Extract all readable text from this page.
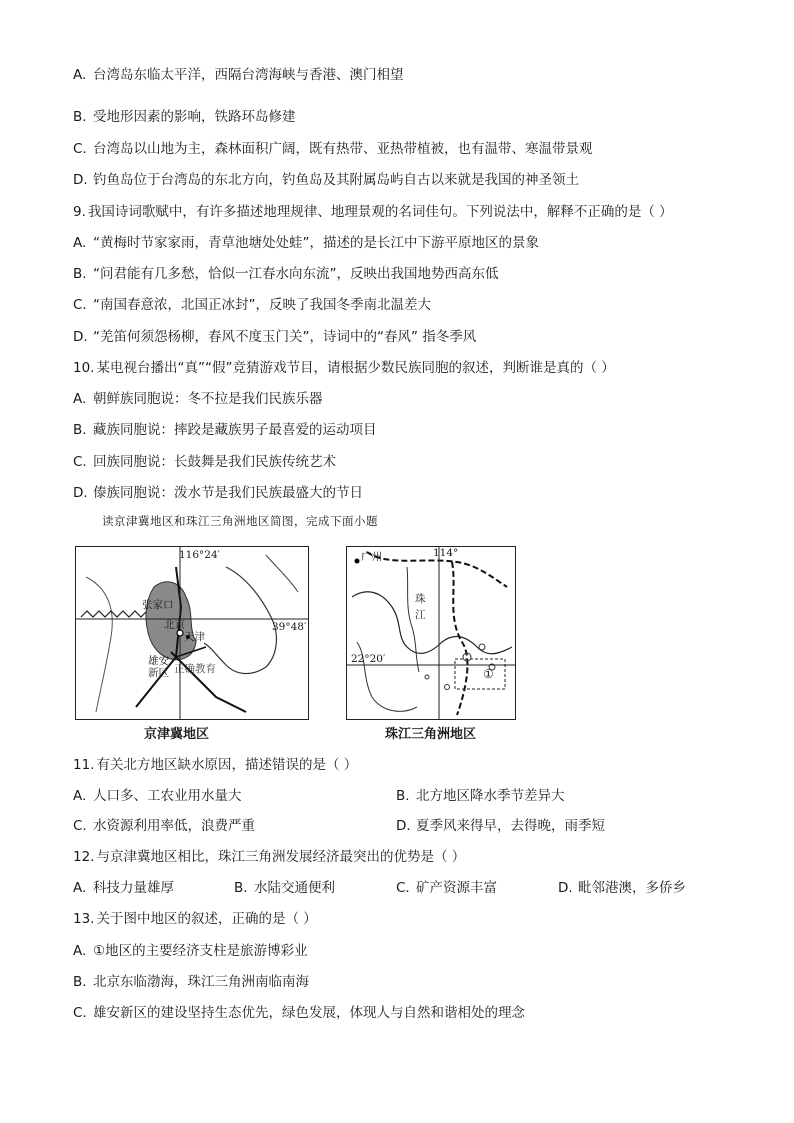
A. 台湾岛东临太平洋，西隔台湾海峡与香港、澳门相望
B. 受地形因素的影响，铁路环岛修建
C. 台湾岛以山地为主，森林面积广阔，既有热带、亚热带植被，也有温带、寒温带景观
D. 钓鱼岛位于台湾岛的东北方向，钓鱼岛及其附属岛屿自古以来就是我国的神圣领土
9. 我国诗词歌赋中，有许多描述地理规律、地理景观的名词佳句。下列说法中，解释不正确的是（ ）
A. “黄梅时节家家雨，青草池塘处处蛙”，描述的是长江中下游平原地区的景象
B. “问君能有几多愁，恰似一江春水向东流”，反映出我国地势西高东低
C. “南国春意浓，北国正冰封”，反映了我国冬季南北温差大
D. “羌笛何须怨杨柳，春风不度玉门关”，诗词中的“春风” 指冬季风
10. 某电视台播出“真”“假”竞猜游戏节目，请根据少数民族同胞的叙述，判断谁是真的（ ）
A. 朝鲜族同胞说：冬不拉是我们民族乐器
B. 藏族同胞说：摔跤是藏族男子最喜爱的运动项目
C. 回族同胞说：长鼓舞是我们民族传统艺术
D. 傣族同胞说：泼水节是我们民族最盛大的节日
读京津冀地区和珠江三角洲地区简图，完成下面小题
116°24′
39°48′
张家口
北京
天津
雄安
新区 正确教育
京津冀地区
广州	114°
珠
江
22°20′
①
珠江三角洲地区
11. 有关北方地区缺水原因，描述错误的是（ ）
A. 人口多、工农业用水量大	B. 北方地区降水季节差异大
C. 水资源利用率低，浪费严重	D. 夏季风来得早，去得晚，雨季短
12. 与京津冀地区相比，珠江三角洲发展经济最突出的优势是（ ）
A. 科技力量雄厚	B. 水陆交通便利	C. 矿产资源丰富	D. 毗邻港澳，多侨乡
13. 关于图中地区的叙述，正确的是（ ）
A. ①地区的主要经济支柱是旅游博彩业
B. 北京东临渤海，珠江三角洲南临南海
C. 雄安新区的建设坚持生态优先，绿色发展，体现人与自然和谐相处的理念
